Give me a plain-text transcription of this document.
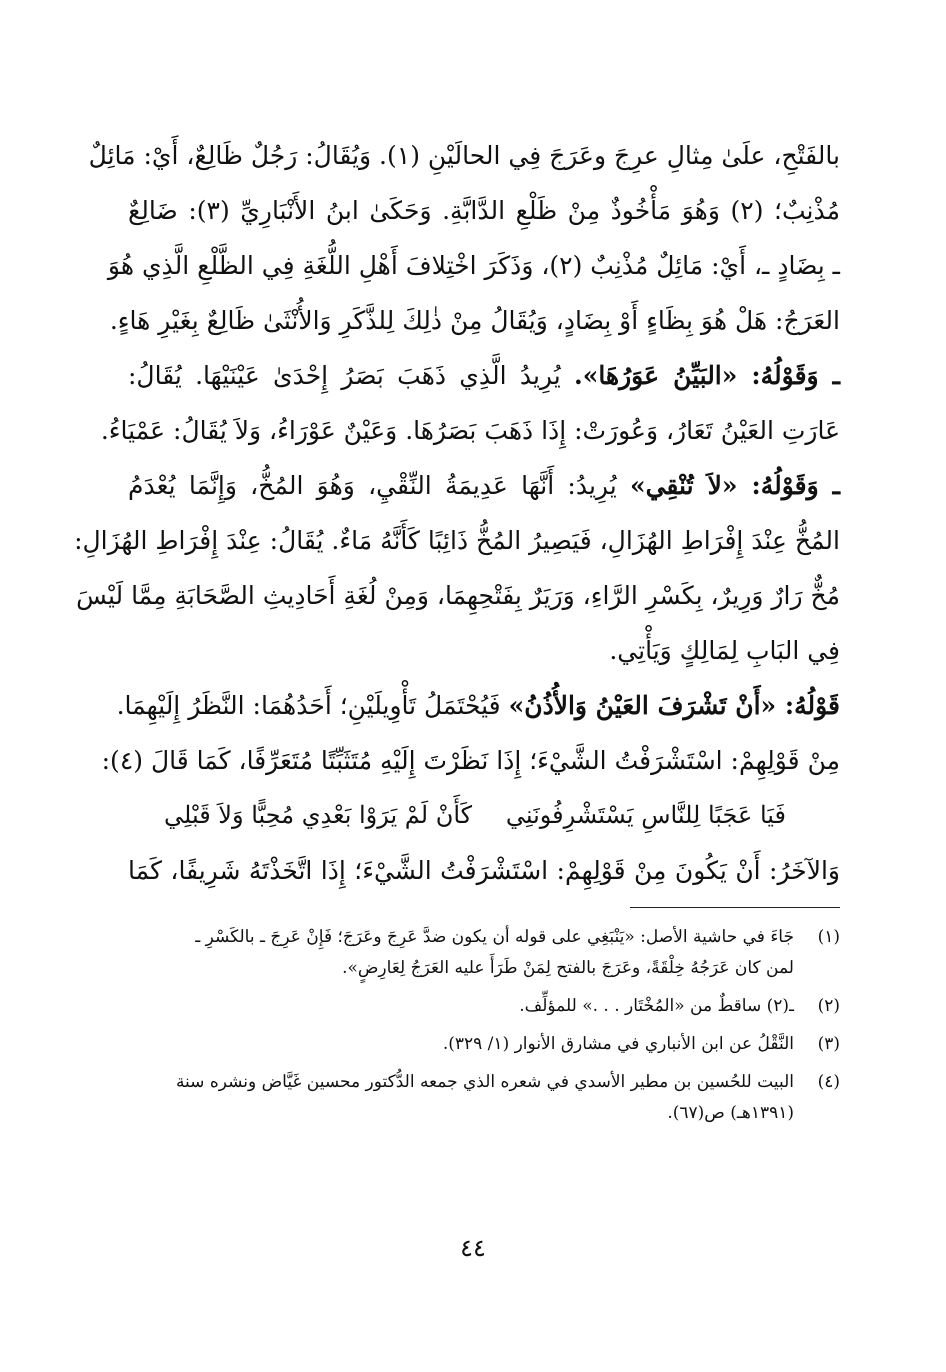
بالفَتْحِ، علَىٰ مِثالِ عرِجَ وعَرَجَ فِي الحالَيْنِ (١). وَيُقَالُ: رَجُلٌ ظَالِعٌ، أَيْ: مَائِلٌ
مُذْنِبٌ؛ (٢) وَهُوَ مَأْخُوذٌ مِنْ ظَلْعِ الدَّابَّةِ. وَحَكَىٰ ابنُ الأَنْبَارِيِّ (٣): ضَالِعٌ
ـ بِضَادٍ ـ، أَيْ: مَائِلٌ مُذْنِبٌ (٢)، وَذَكَرَ اخْتِلافَ أَهْلِ اللُّغَةِ فِي الظَّلْعِ الَّذِي هُوَ
العَرَجُ: هَلْ هُوَ بِظَاءٍ أَوْ بِضَادٍ، وَيُقَالُ مِنْ ذٰلِكَ لِلذَّكَرِ وَالأُنْثَىٰ ظَالِعٌ بِغَيْرِ هَاءٍ.
ـ وَقَوْلُهُ: «البَيِّنُ عَوَرُهَا». يُرِيدُ الَّذِي ذَهَبَ بَصَرُ إِحْدَىٰ عَيْنَيْهَا. يُقَالُ:
عَارَتِ العَيْنُ تَعَارُ، وَعُورَتْ: إِذَا ذَهَبَ بَصَرُهَا. وَعَيْنٌ عَوْرَاءُ، وَلاَ يُقَالُ: عَمْيَاءُ.
ـ وَقَوْلُهُ: «لاَ تُنْقِي» يُرِيدُ: أَنَّهَا عَدِيمَةُ النِّقْيِ، وَهُوَ المُخُّ، وَإِنَّمَا يُعْدَمُ
المُخُّ عِنْدَ إِفْرَاطِ الهُزَالِ، فَيَصِيرُ المُخُّ ذَائِبًا كَأَنَّهُ مَاءٌ. يُقَالُ: عِنْدَ إِفْرَاطِ الهُزَالِ:
مُخٌّ رَارٌ وَرِيرٌ، بِكَسْرِ الرَّاءِ، وَرَيَرٌ بِفَتْحِهِمَا، وَمِنْ لُغَةِ أَحَادِيثِ الصَّحَابَةِ مِمَّا لَيْسَ
فِي البَابِ لِمَالِكٍ وَيَأْتِي.
قَوْلُهُ: «أَنْ تَشْرَفَ العَيْنُ وَالأُذُنُ» فَيُحْتَمَلُ تَأْوِيلَيْنِ؛ أَحَدُهُمَا: النَّظَرُ إِلَيْهِمَا.
مِنْ قَوْلِهِمْ: اسْتَشْرَفْتُ الشَّيْءَ؛ إِذَا نَظَرْتَ إِلَيْهِ مُتَثَبِّتًا مُتَعَرِّفًا، كَمَا قَالَ (٤):
فَيَا عَجَبًا لِلنَّاسِ يَسْتَشْرِفُونَنِي
كَأَنْ لَمْ يَرَوْا بَعْدِي مُحِبًّا وَلاَ قَبْلِي
وَالآخَرُ: أَنْ يَكُونَ مِنْ قَوْلِهِمْ: اسْتَشْرَفْتُ الشَّيْءَ؛ إِذَا اتَّخَذْتَهُ شَرِيفًا، كَمَا
(١)
جَاءَ في حاشية الأصل: «يَنْبَغِي على قوله أن يكون ضدَّ عَرِجَ وعَرَجَ؛ فَإِنْ عَرِجَ ـ بالكَسْرِ ـ
لمن كان عَرَجُهُ خِلْقَةً، وعَرَجَ بالفتح لِمَنْ طَرَأَ عليه العَرَجُ لِعَارِضٍ».
(٢)
ـ(٢) ساقطٌ من «المُخْتَار . . .» للمؤلِّف.
(٣)
النَّقْلُ عن ابن الأنباري في مشارق الأنوار (١/ ٣٢٩).
(٤)
البيت للحُسين بن مطير الأسدي في شعره الذي جمعه الدُّكتور محسين غَيَّاض ونشره سنة
(١٣٩١هـ) ص(٦٧).
٤٤
